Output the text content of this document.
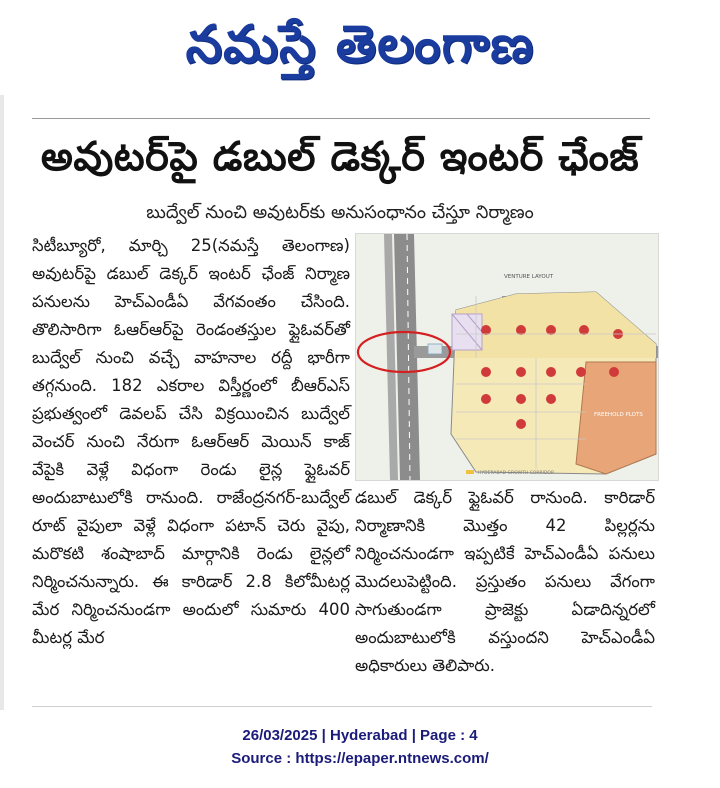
నమస్తే తెలంగాణ
అవుటర్‌పై డబుల్ డెక్కర్ ఇంటర్ ఛేంజ్
బుద్వేల్ నుంచి అవుటర్‌కు అనుసంధానం చేస్తూ నిర్మాణం
సిటీబ్యూరో, మార్చి 25(నమస్తే తెలంగాణ) అవుటర్‌పై డబుల్ డెక్కర్ ఇంటర్ ఛేంజ్ నిర్మాణ పనులను హెచ్ఎండీఏ వేగవంతం చేసింది. తొలిసారిగా ఓఆర్ఆర్‌పై రెండంతస్తుల ఫ్లైఓవర్‌తో బుద్వేల్ నుంచి వచ్చే వాహనాల రద్దీ భారీగా తగ్గనుంది. 182 ఎకరాల విస్తీర్ణంలో బీఆర్ఎస్ ప్రభుత్వంలో డెవలప్ చేసి విక్రయించిన బుద్వేల్ వెంచర్ నుంచి నేరుగా ఓఆర్ఆర్ మెయిన్ కాజ్ వేపైకి వెళ్లే విధంగా రెండు లైన్ల ఫ్లైఓవర్ అందుబాటులోకి రానుంది. రాజేంద్రనగర్-బుద్వేల్ రూట్ వైపులా వెళ్లే విధంగా పటాన్ చెరు వైపు, మరొకటి శంషాబాద్ మార్గానికి రెండు లైన్లలో నిర్మించనున్నారు. ఈ కారిడార్ 2.8 కిలోమీటర్ల మేర నిర్మించనుండగా అందులో సుమారు 400 మీటర్ల మేర
VENTURE LAYOUT
FREEHOLD PLOTS
HYDERABAD GROWTH CORRIDOR
డబుల్ డెక్కర్ ఫ్లైఓవర్ రానుంది. కారిడార్ నిర్మాణానికి మొత్తం 42 పిల్లర్లను నిర్మించనుండగా ఇప్పటికే హెచ్ఎండీఏ పనులు మొదలుపెట్టింది. ప్రస్తుతం పనులు వేగంగా సాగుతుండగా ప్రాజెక్టు ఏడాదిన్నరలో అందుబాటులోకి వస్తుందని హెచ్ఎండీఏ అధికారులు తెలిపారు.
26/03/2025 | Hyderabad | Page : 4
Source : https://epaper.ntnews.com/
